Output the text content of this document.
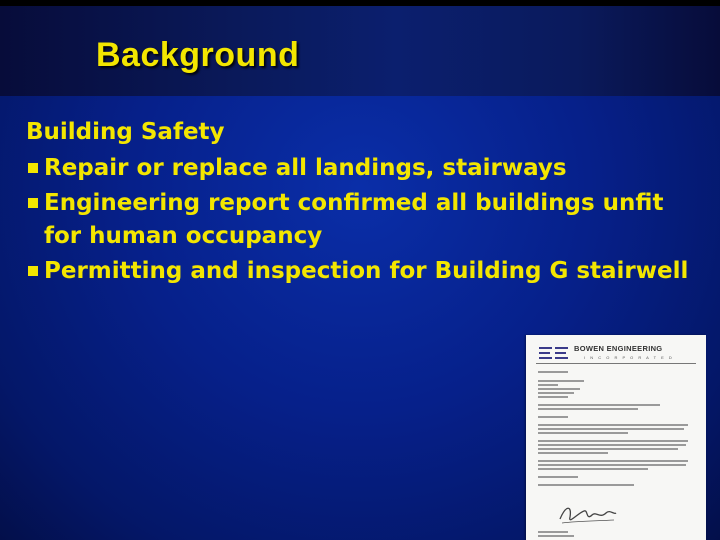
Background
Building Safety
Repair or replace all landings, stairways
Engineering report confirmed all buildings unfit for human occupancy
Permitting and inspection for Building G stairwell
BOWEN ENGINEERING
I N C O R P O R A T E D
